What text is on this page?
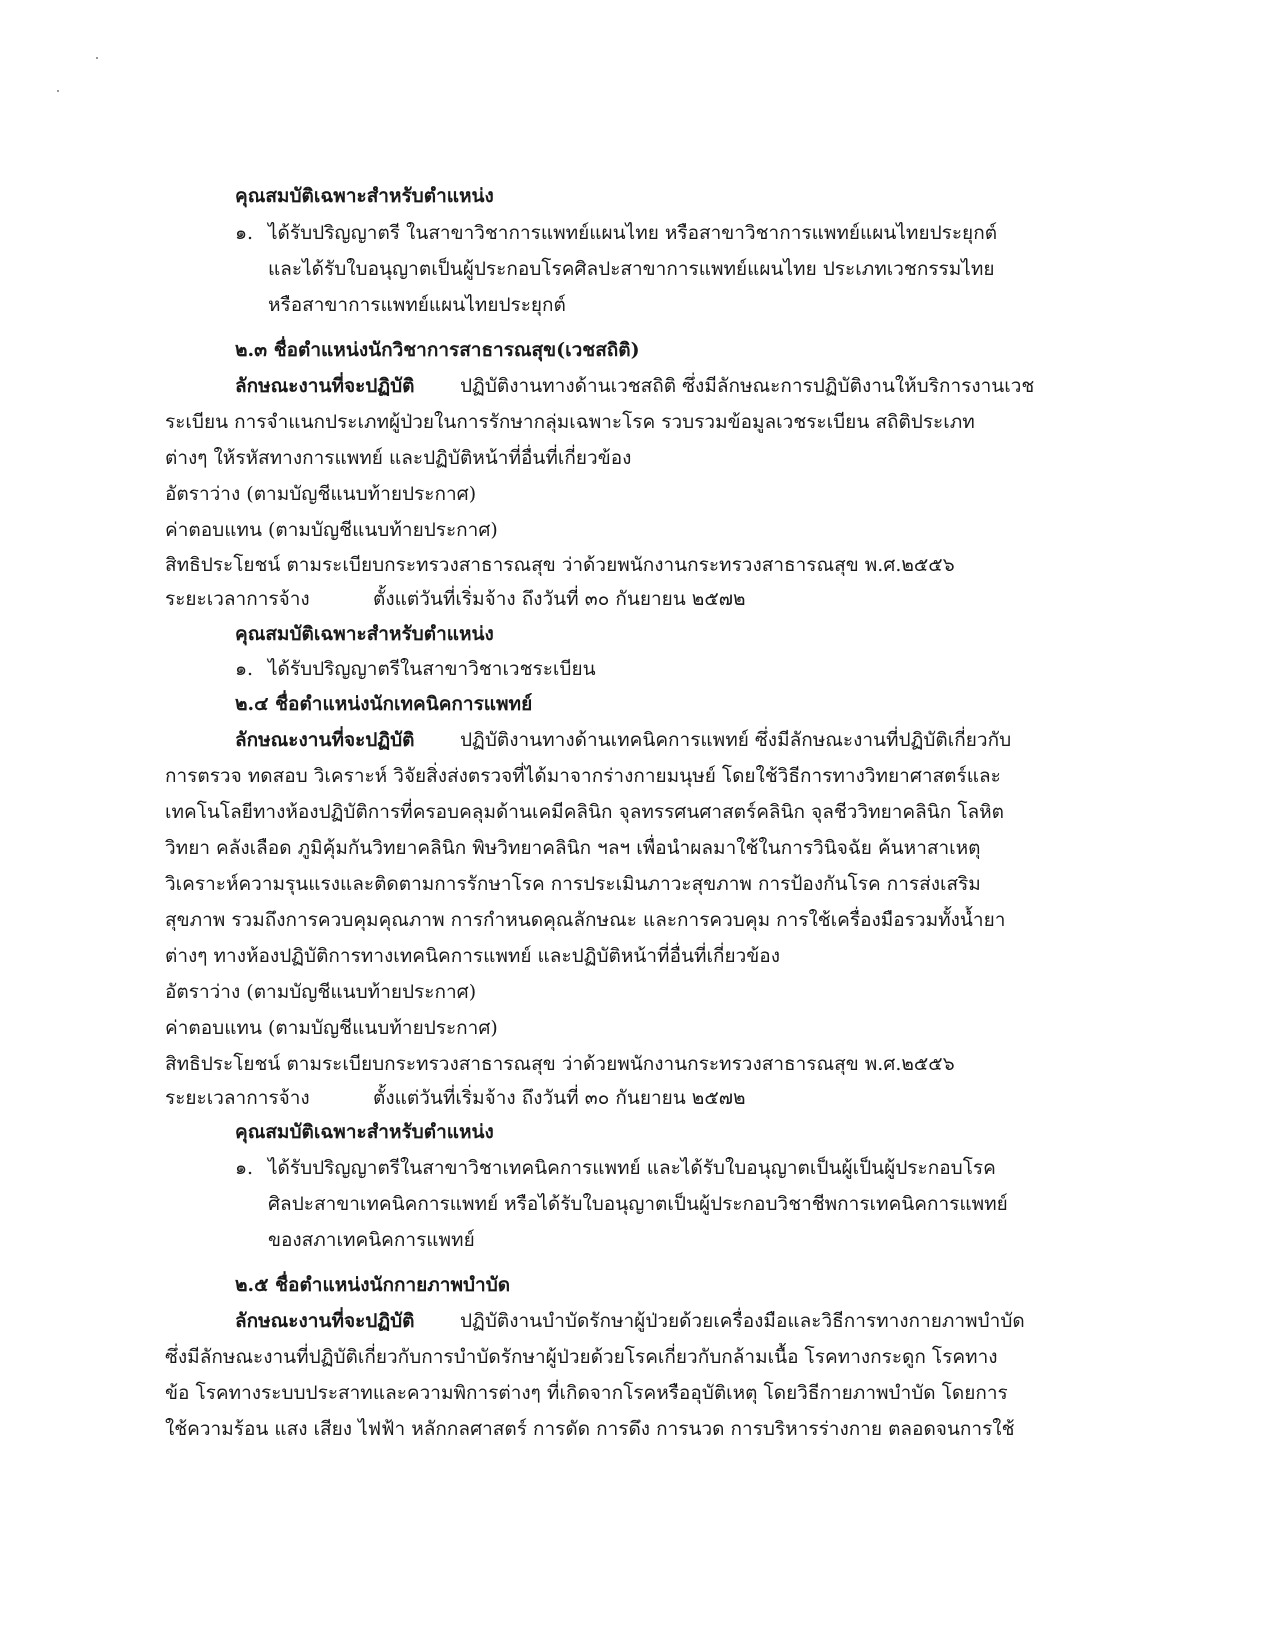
คุณสมบัติเฉพาะสำหรับตำแหน่ง
๑. ได้รับปริญญาตรี ในสาขาวิชาการแพทย์แผนไทย หรือสาขาวิชาการแพทย์แผนไทยประยุกต์
และได้รับใบอนุญาตเป็นผู้ประกอบโรคศิลปะสาขาการแพทย์แผนไทย ประเภทเวชกรรมไทย
หรือสาขาการแพทย์แผนไทยประยุกต์
๒.๓ ชื่อตำแหน่งนักวิชาการสาธารณสุข(เวชสถิติ)
ลักษณะงานที่จะปฏิบัติ ปฏิบัติงานทางด้านเวชสถิติ ซึ่งมีลักษณะการปฏิบัติงานให้บริการงานเวช
ระเบียน การจำแนกประเภทผู้ป่วยในการรักษากลุ่มเฉพาะโรค รวบรวมข้อมูลเวชระเบียน สถิติประเภท
ต่างๆ ให้รหัสทางการแพทย์ และปฏิบัติหน้าที่อื่นที่เกี่ยวข้อง
อัตราว่าง (ตามบัญชีแนบท้ายประกาศ)
ค่าตอบแทน (ตามบัญชีแนบท้ายประกาศ)
สิทธิประโยชน์ ตามระเบียบกระทรวงสาธารณสุข ว่าด้วยพนักงานกระทรวงสาธารณสุข พ.ศ.๒๕๕๖
ระยะเวลาการจ้าง	ตั้งแต่วันที่เริ่มจ้าง ถึงวันที่ ๓๐ กันยายน ๒๕๗๒
คุณสมบัติเฉพาะสำหรับตำแหน่ง
๑. ได้รับปริญญาตรีในสาขาวิชาเวชระเบียน
๒.๔ ชื่อตำแหน่งนักเทคนิคการแพทย์
ลักษณะงานที่จะปฏิบัติ ปฏิบัติงานทางด้านเทคนิคการแพทย์ ซึ่งมีลักษณะงานที่ปฏิบัติเกี่ยวกับ
การตรวจ ทดสอบ วิเคราะห์ วิจัยสิ่งส่งตรวจที่ได้มาจากร่างกายมนุษย์ โดยใช้วิธีการทางวิทยาศาสตร์และ
เทคโนโลยีทางห้องปฏิบัติการที่ครอบคลุมด้านเคมีคลินิก จุลทรรศนศาสตร์คลินิก จุลชีววิทยาคลินิก โลหิต
วิทยา คลังเลือด ภูมิคุ้มกันวิทยาคลินิก พิษวิทยาคลินิก ฯลฯ เพื่อนำผลมาใช้ในการวินิจฉัย ค้นหาสาเหตุ
วิเคราะห์ความรุนแรงและติดตามการรักษาโรค การประเมินภาวะสุขภาพ การป้องกันโรค การส่งเสริม
สุขภาพ รวมถึงการควบคุมคุณภาพ การกำหนดคุณลักษณะ และการควบคุม การใช้เครื่องมือรวมทั้งน้ำยา
ต่างๆ ทางห้องปฏิบัติการทางเทคนิคการแพทย์ และปฏิบัติหน้าที่อื่นที่เกี่ยวข้อง
อัตราว่าง (ตามบัญชีแนบท้ายประกาศ)
ค่าตอบแทน (ตามบัญชีแนบท้ายประกาศ)
สิทธิประโยชน์ ตามระเบียบกระทรวงสาธารณสุข ว่าด้วยพนักงานกระทรวงสาธารณสุข พ.ศ.๒๕๕๖
ระยะเวลาการจ้าง	ตั้งแต่วันที่เริ่มจ้าง ถึงวันที่ ๓๐ กันยายน ๒๕๗๒
คุณสมบัติเฉพาะสำหรับตำแหน่ง
๑. ได้รับปริญญาตรีในสาขาวิชาเทคนิคการแพทย์ และได้รับใบอนุญาตเป็นผู้เป็นผู้ประกอบโรค
ศิลปะสาขาเทคนิคการแพทย์ หรือได้รับใบอนุญาตเป็นผู้ประกอบวิชาชีพการเทคนิคการแพทย์
ของสภาเทคนิคการแพทย์
๒.๕ ชื่อตำแหน่งนักกายภาพบำบัด
ลักษณะงานที่จะปฏิบัติ ปฏิบัติงานบำบัดรักษาผู้ป่วยด้วยเครื่องมือและวิธีการทางกายภาพบำบัด
ซึ่งมีลักษณะงานที่ปฏิบัติเกี่ยวกับการบำบัดรักษาผู้ป่วยด้วยโรคเกี่ยวกับกล้ามเนื้อ โรคทางกระดูก โรคทาง
ข้อ โรคทางระบบประสาทและความพิการต่างๆ ที่เกิดจากโรคหรืออุบัติเหตุ โดยวิธีกายภาพบำบัด โดยการ
ใช้ความร้อน แสง เสียง ไฟฟ้า หลักกลศาสตร์ การดัด การดึง การนวด การบริหารร่างกาย ตลอดจนการใช้
